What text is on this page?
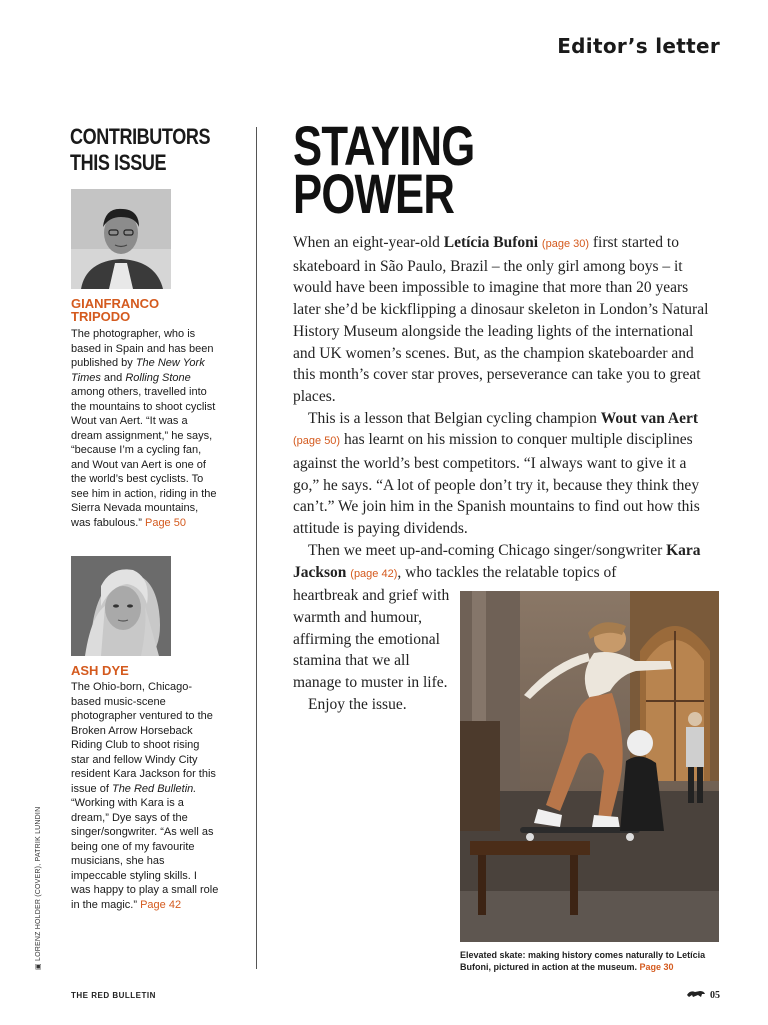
Editor’s letter
CONTRIBUTORS
THIS ISSUE
GIANFRANCO
TRIPODO
The photographer, who is based in Spain and has been published by The New York Times and Rolling Stone among others, travelled into the mountains to shoot cyclist Wout van Aert. “It was a dream assignment,” he says, “because I’m a cycling fan, and Wout van Aert is one of the world’s best cyclists. To see him in action, riding in the Sierra Nevada mountains, was fabulous.” Page 50
ASH DYE
The Ohio-born, Chicago-based music-scene photographer ventured to the Broken Arrow Horseback Riding Club to shoot rising star and fellow Windy City resident Kara Jackson for this issue of The Red Bulletin. “Working with Kara is a dream,” Dye says of the singer/songwriter. “As well as being one of my favourite musicians, she has impeccable styling skills. I was happy to play a small role in the magic.” Page 42
▣ LORENZ HOLDER (COVER), PATRIK LUNDIN
STAYING
POWER

When an eight-year-old Letícia Bufoni (page 30) first started to skateboard in São Paulo, Brazil – the only girl among boys – it would have been impossible to imagine that more than 20 years later she’d be kickflipping a dinosaur skeleton in London’s Natural History Museum alongside the leading lights of the international and UK women’s scenes. But, as the champion skateboarder and this month’s cover star proves, perseverance can take you to great places.

This is a lesson that Belgian cycling champion Wout van Aert (page 50) has learnt on his mission to conquer multiple disciplines against the world’s best competitors. “I always want to give it a go,” he says. “A lot of people don’t try it, because they think they can’t.” We join him in the Spanish mountains to find out how this attitude is paying dividends.

Then we meet up-and-coming Chicago singer/songwriter Kara Jackson (page 42), who tackles the relatable topics of

heartbreak and grief with warmth and humour, affirming the emotional stamina that we all manage to muster in life.

Enjoy the issue.

Elevated skate: making history comes naturally to Letícia Bufoni, pictured in action at the museum. Page 30
THE RED BULLETIN	05
